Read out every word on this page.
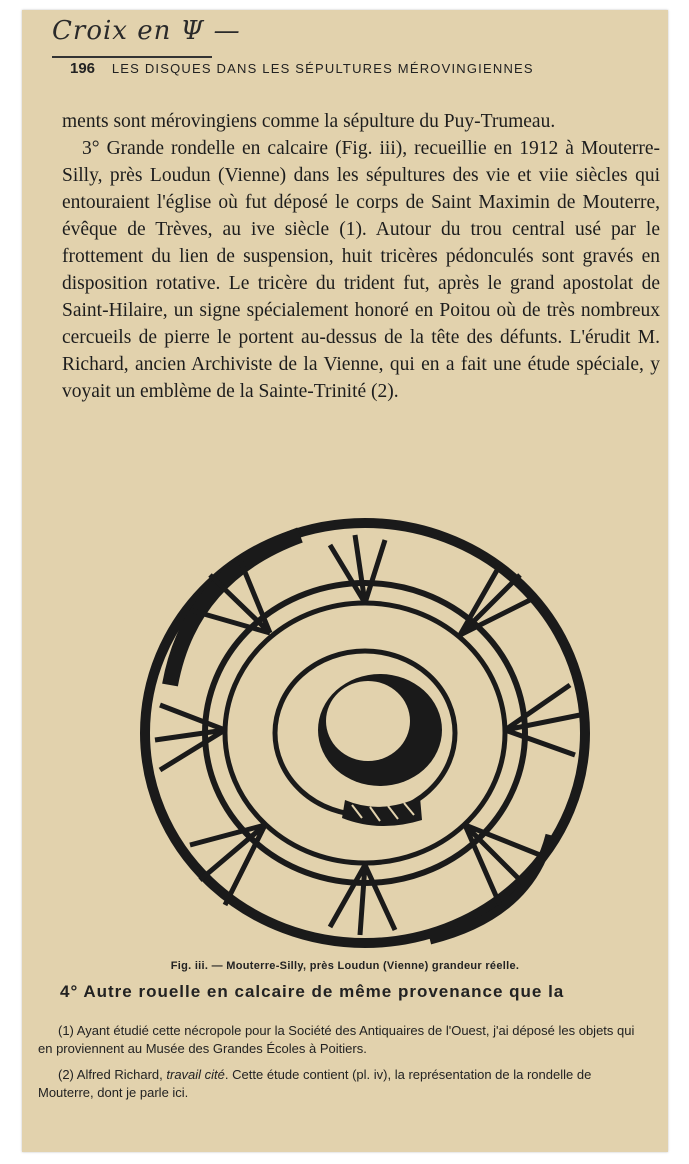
Croix en Ψ —
196 LES DISQUES DANS LES SÉPULTURES MÉROVINGIENNES

ments sont mérovingiens comme la sépulture du Puy-Trumeau.

3° Grande rondelle en calcaire (Fig. iii), recueillie en 1912 à Mouterre-Silly, près Loudun (Vienne) dans les sépultures des vie et viie siècles qui entouraient l'église où fut déposé le corps de Saint Maximin de Mouterre, évêque de Trèves, au ive siècle (1). Autour du trou central usé par le frottement du lien de suspension, huit tricères pédonculés sont gravés en disposition rotative. Le tricère du trident fut, après le grand apostolat de Saint-Hilaire, un signe spécialement honoré en Poitou où de très nombreux cercueils de pierre le portent au-dessus de la tête des défunts. L'érudit M. Richard, ancien Archiviste de la Vienne, qui en a fait une étude spéciale, y voyait un emblème de la Sainte-Trinité (2).

Fig. iii. — Mouterre-Silly, près Loudun (Vienne) grandeur réelle.
4° Autre rouelle en calcaire de même provenance que la

(1) Ayant étudié cette nécropole pour la Société des Antiquaires de l'Ouest, j'ai déposé les objets qui en proviennent au Musée des Grandes Écoles à Poitiers.

(2) Alfred Richard, travail cité. Cette étude contient (pl. iv), la représentation de la rondelle de Mouterre, dont je parle ici.
